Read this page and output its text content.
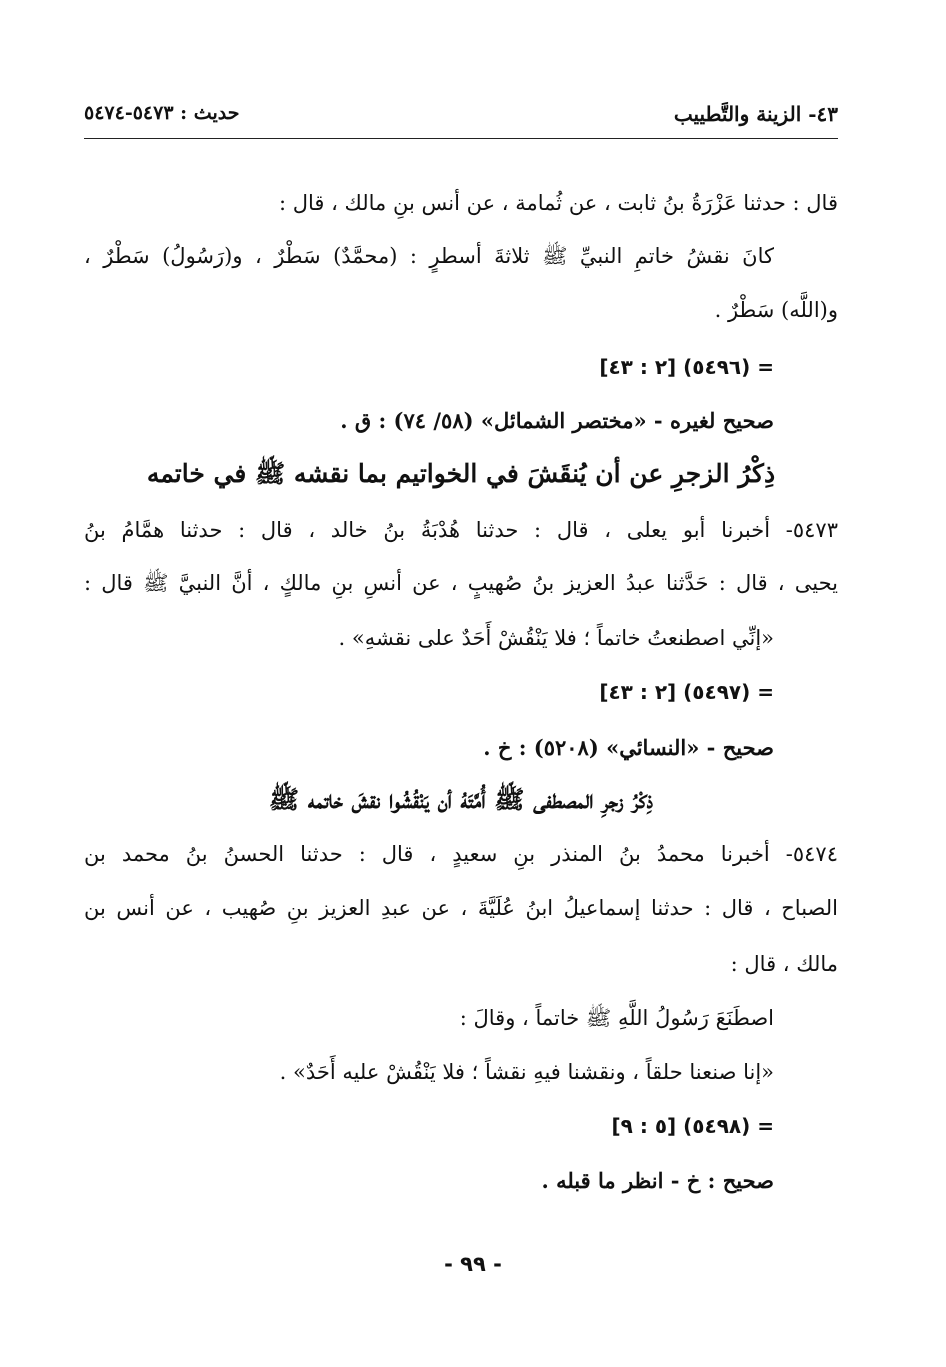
٤٣- الزينة والتَّطييب
حديث : ٥٤٧٣-٥٤٧٤
قال : حدثنا عَزْرَةُ بنُ ثابت ، عن ثُمامة ، عن أنس بنِ مالك ، قال :
كانَ نقشُ خاتمِ النبيِّ ﷺ ثلاثةَ أسطرٍ : (محمَّدٌ) سَطْرٌ ، و(رَسُولُ) سَطْرٌ ،
و(اللَّه) سَطْرٌ .
= (٥٤٩٦) [٢ : ٤٣]
صحيح لغيره - «مختصر الشمائل» (٥٨/ ٧٤) : ق .
ذِكْرُ الزجرِ عن أن يُنقَشَ في الخواتيم بما نقشه ﷺ في خاتمه
٥٤٧٣- أخبرنا أبو يعلى ، قال : حدثنا هُدْبَةُ بنُ خالد ، قال : حدثنا همَّامُ بنُ
يحيى ، قال : حَدَّثنا عبدُ العزيز بنُ صُهيبٍ ، عن أنسِ بنِ مالكٍ ، أنَّ النبيَّ ﷺ قال :
«إنِّي اصطنعتُ خاتماً ؛ فلا يَنْقُشْ أَحَدٌ على نقشهِ» .
= (٥٤٩٧) [٢ : ٤٣]
صحيح - «النسائي» (٥٢٠٨) : خ .
ذِكْرُ زجرِ المصطفى ﷺ أُمَّتَهُ أن يَنْقُشُوا نقشَ خاتمه ﷺ
٥٤٧٤- أخبرنا محمدُ بنُ المنذر بنِ سعيدٍ ، قال : حدثنا الحسنُ بنُ محمد بن
الصباح ، قال : حدثنا إسماعيلُ ابنُ عُلَيَّةَ ، عن عبدِ العزيز بنِ صُهيب ، عن أنس بن
مالك ، قال :
اصطَنَعَ رَسُولُ اللَّهِ ﷺ خاتماً ، وقالَ :
«إنا صنعنا حلقاً ، ونقشنا فيهِ نقشاً ؛ فلا يَنْقُشْ عليه أَحَدٌ» .
= (٥٤٩٨) [٥ : ٩]
صحيح : خ - انظر ما قبله .
- ٩٩ -
